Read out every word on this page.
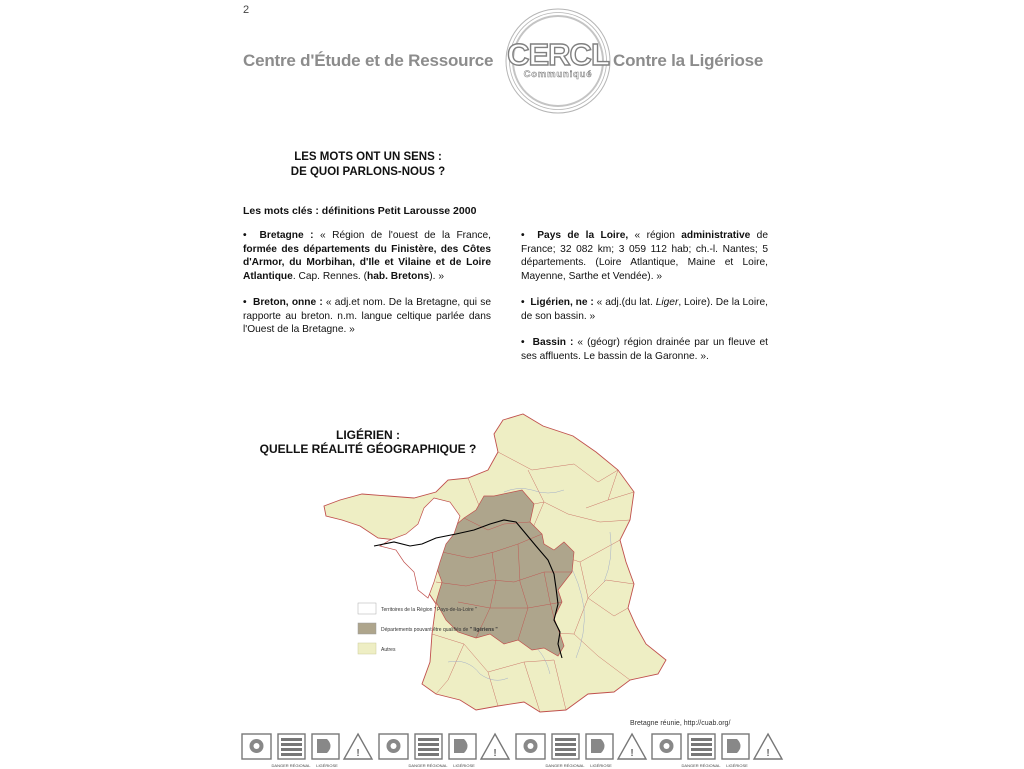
2
Centre d'Étude et de Ressource	Contre la Ligériose
CERCL
Communiqué
LES MOTS ONT UN SENS :
DE QUOI PARLONS-NOUS ?
Les mots clés : définitions Petit Larousse 2000

• Bretagne : « Région de l'ouest de la France, formée des départements du Finistère, des Côtes d'Armor, du Morbihan, d'Ile et Vilaine et de Loire Atlantique. Cap. Rennes. (hab. Bretons). »

• Breton, onne : « adj.et nom. De la Bretagne, qui se rapporte au breton. n.m. langue celtique parlée dans l'Ouest de la Bretagne. »

• Pays de la Loire, « région administrative de France; 32 082 km; 3 059 112 hab; ch.-l. Nantes; 5 départements. (Loire Atlantique, Maine et Loire, Mayenne, Sarthe et Vendée). »

• Ligérien, ne : « adj.(du lat. Liger, Loire). De la Loire, de son bassin. »

• Bassin : « (géogr) région drainée par un fleuve et ses affluents. Le bassin de la Garonne. ».

Territoires de la Région " Pays-de-la-Loire "
Départements pouvant être qualifiés de " ligériens "
Autres
LIGÉRIEN :
QUELLE RÉALITÉ GÉOGRAPHIQUE ?
Bretagne réunie, http://cuab.org/
LIGÉRIOSE
DANGER RÉGIONAL
!
LIGÉRIOSE
DANGER RÉGIONAL
!
LIGÉRIOSE
DANGER RÉGIONAL
!
LIGÉRIOSE
DANGER RÉGIONAL
!
